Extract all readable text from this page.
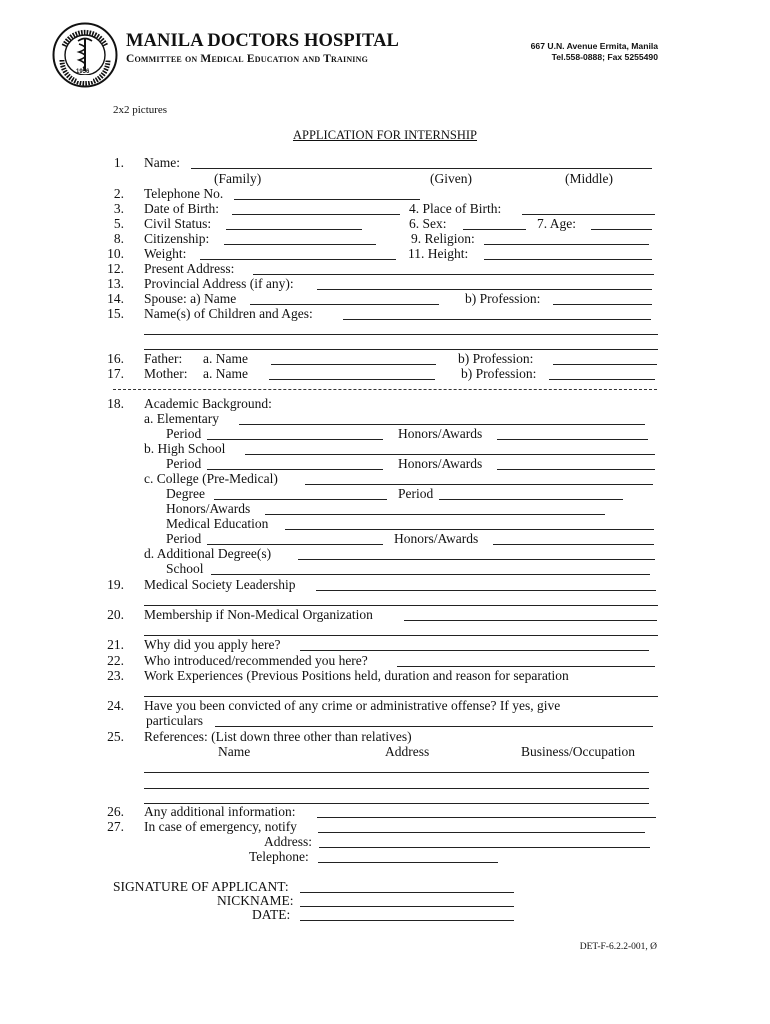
1956
MANILA DOCTORS HOSPITAL
Committee on Medical Education and Training
667 U.N. Avenue Ermita, Manila
Tel.558-0888; Fax 5255490
2x2 pictures
APPLICATION FOR INTERNSHIP
1. Name:
(Family)	(Given)	(Middle)
2. Telephone No.
3. Date of Birth:	4. Place of Birth:
5. Civil Status:	6. Sex:	7. Age:
8. Citizenship:	9. Religion:
10. Weight:	11. Height:
12. Present Address:
13. Provincial Address (if any):
14. Spouse: a) Name	b) Profession:
15. Name(s) of Children and Ages:
16. Father: a. Name	b) Profession:
17. Mother: a. Name	b) Profession:
18. Academic Background:
a. Elementary
Period	Honors/Awards
b. High School
Period	Honors/Awards
c. College (Pre-Medical)
Degree	Period
Honors/Awards
Medical Education
Period	Honors/Awards
d. Additional Degree(s)
School
19. Medical Society Leadership
20. Membership if Non-Medical Organization
21. Why did you apply here?
22. Who introduced/recommended you here?
23. Work Experiences (Previous Positions held, duration and reason for separation
24. Have you been convicted of any crime or administrative offense? If yes, give
particulars
25. References: (List down three other than relatives)
Name	Address	Business/Occupation
26. Any additional information:
27. In case of emergency, notify
Address:
Telephone:
SIGNATURE OF APPLICANT:
NICKNAME:
DATE:
DET-F-6.2.2-001, Ø
